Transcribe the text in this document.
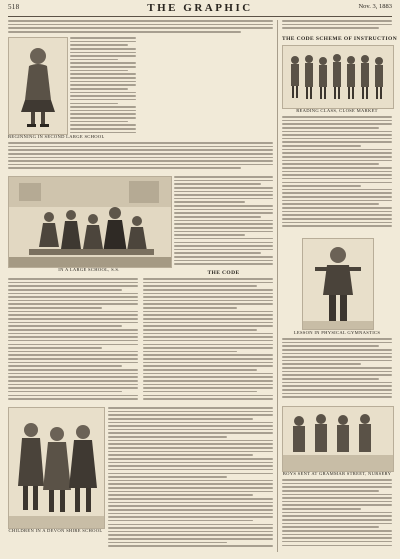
518	THE GRAPHIC	Nov. 3, 1883
BEGINNING IN SECOND LARGE SCHOOL
IN A LARGE SCHOOL, S.S.
THE CODE
CHILDREN IN A DEVON SHIRE SCHOOL
THE CODE SCHEME OF INSTRUCTION
READING CLASS, CLOSE MARKET
LESSON IN PHYSICAL GYMNASTICS
BOYS SENT AT GRAMMAR STREET, NURSERY
